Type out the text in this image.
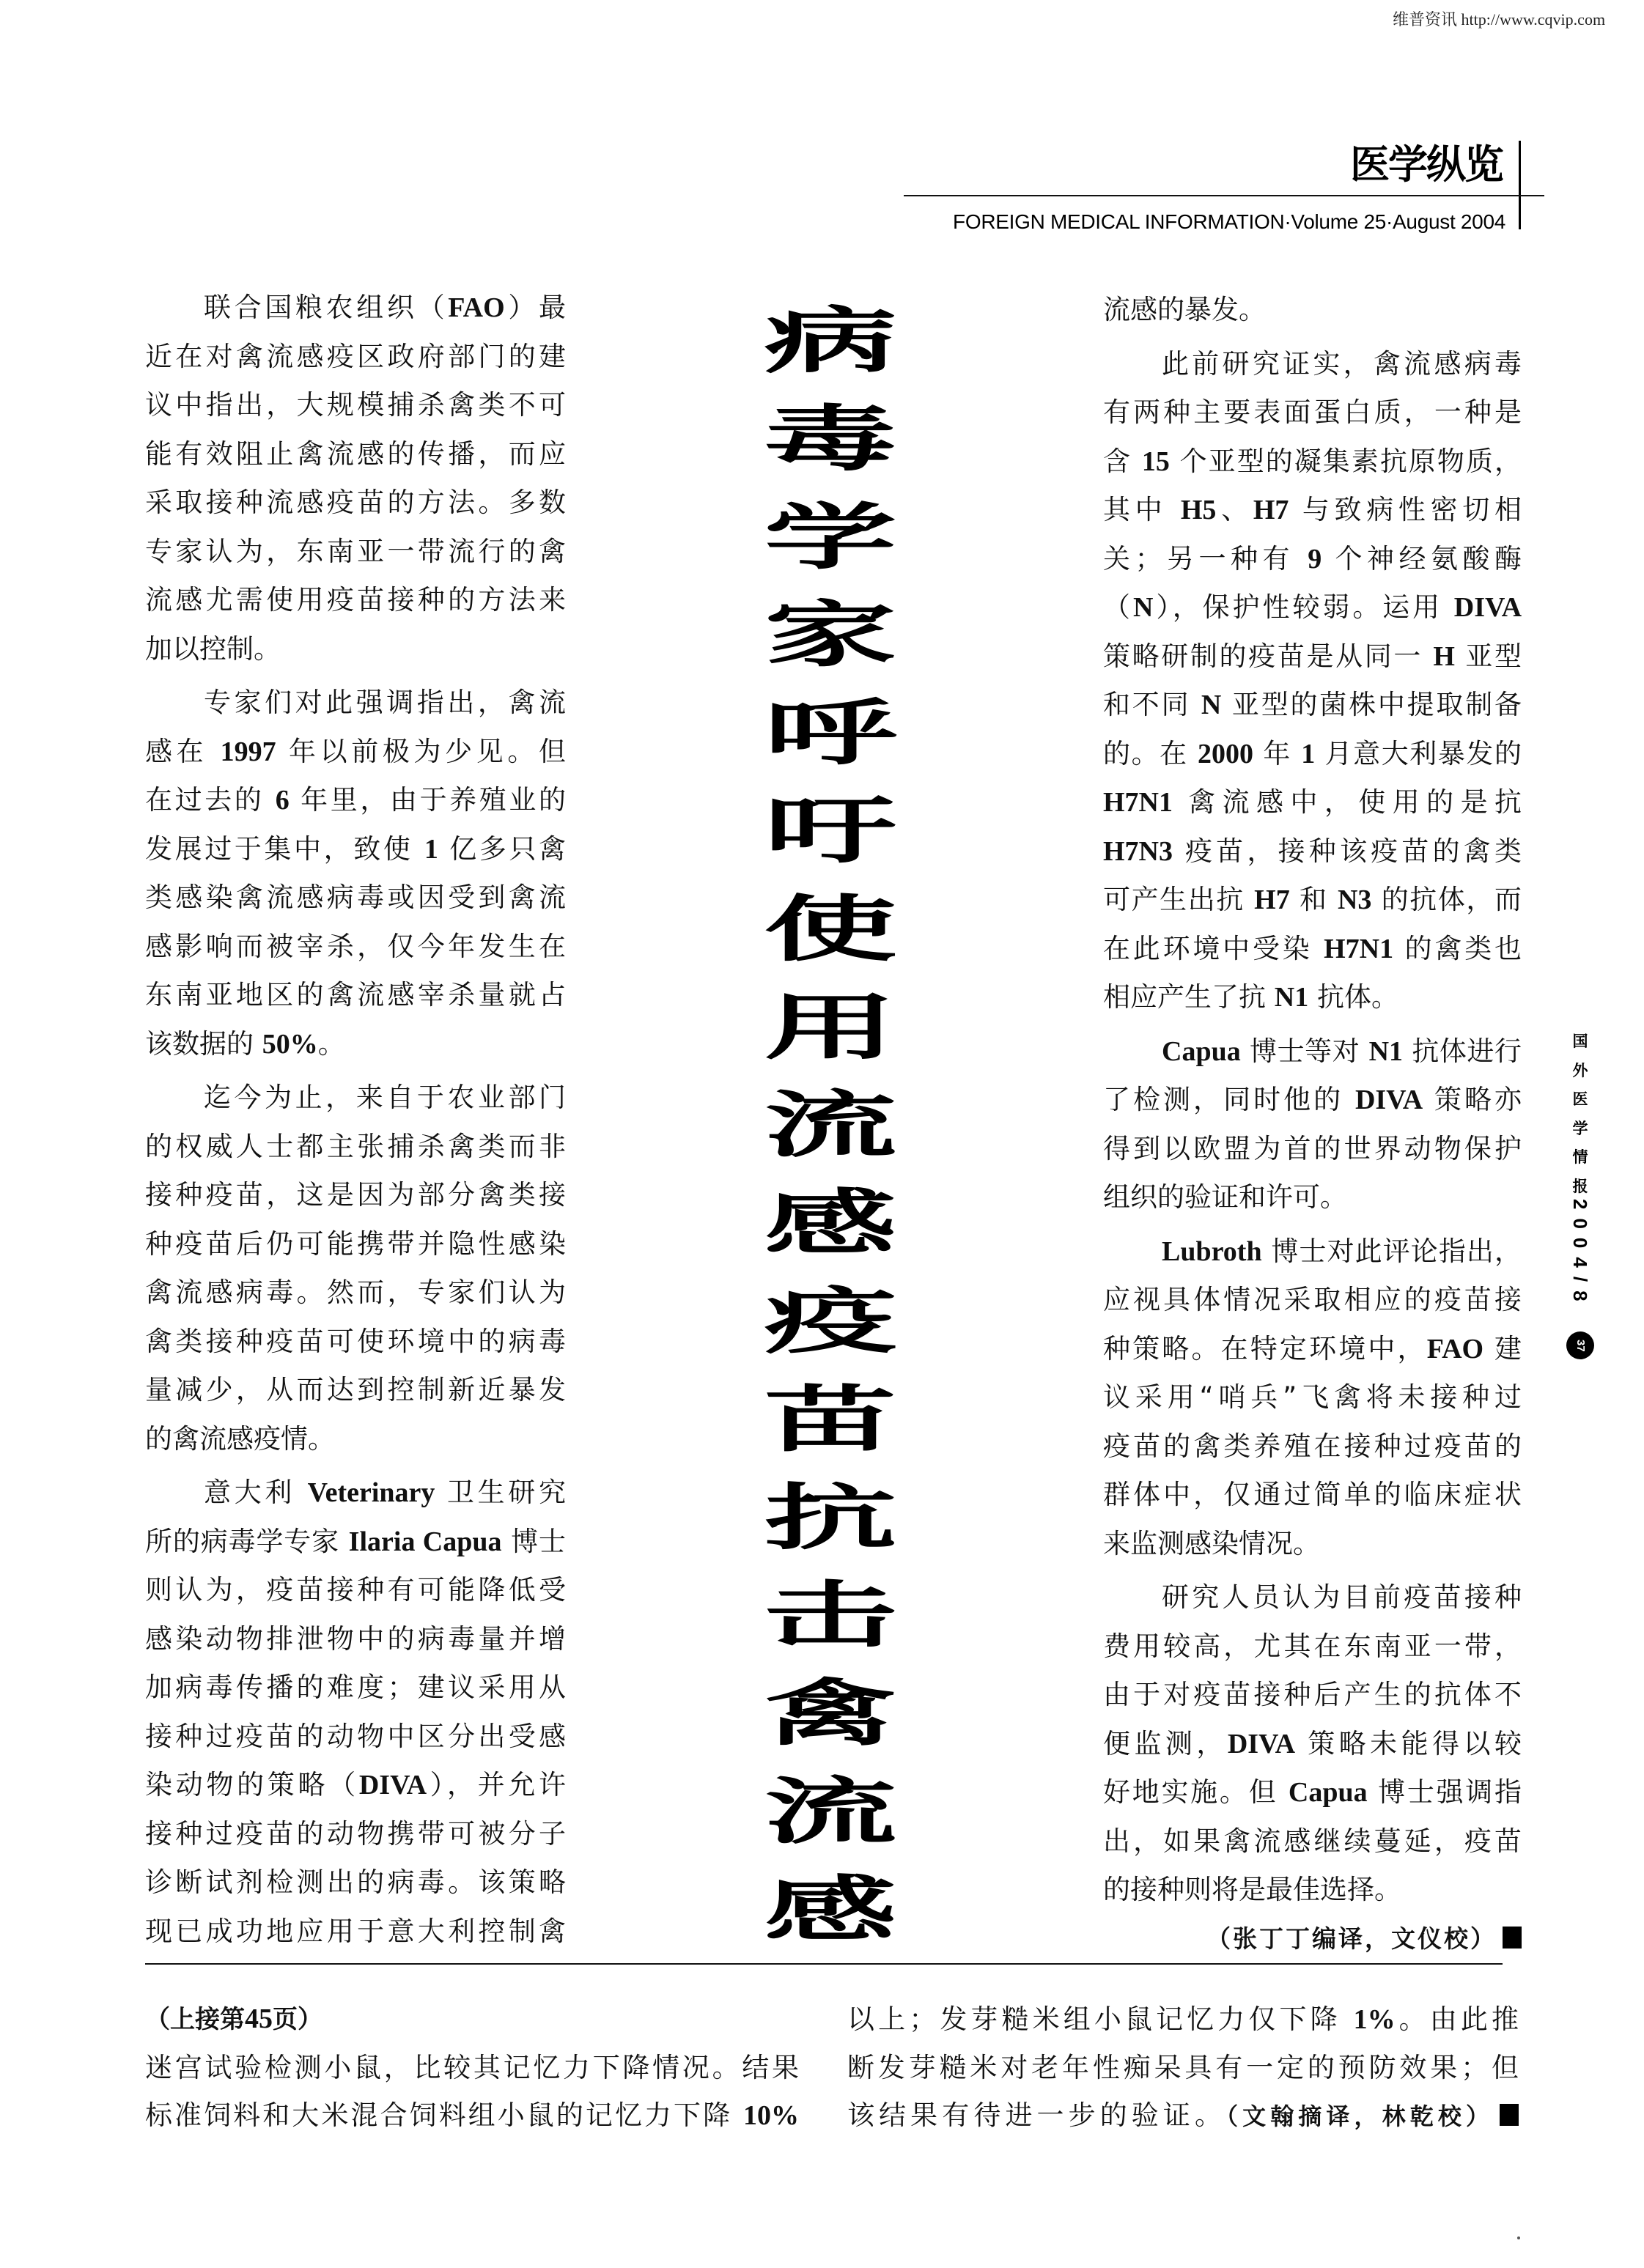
维普资讯 http://www.cqvip.com
医学纵览
FOREIGN MEDICAL INFORMATION·Volume 25·August 2004
联合国粮农组织（FAO）最
近在对禽流感疫区政府部门的建
议中指出，大规模捕杀禽类不可
能有效阻止禽流感的传播，而应
采取接种流感疫苗的方法。多数
专家认为，东南亚一带流行的禽
流感尤需使用疫苗接种的方法来
加以控制。
专家们对此强调指出，禽流
感在 1997 年以前极为少见。但
在过去的 6 年里，由于养殖业的
发展过于集中，致使 1 亿多只禽
类感染禽流感病毒或因受到禽流
感影响而被宰杀，仅今年发生在
东南亚地区的禽流感宰杀量就占
该数据的 50%。
迄今为止，来自于农业部门
的权威人士都主张捕杀禽类而非
接种疫苗，这是因为部分禽类接
种疫苗后仍可能携带并隐性感染
禽流感病毒。然而，专家们认为
禽类接种疫苗可使环境中的病毒
量减少，从而达到控制新近暴发
的禽流感疫情。
意大利 Veterinary 卫生研究
所的病毒学专家 Ilaria Capua 博士
则认为，疫苗接种有可能降低受
感染动物排泄物中的病毒量并增
加病毒传播的难度；建议采用从
接种过疫苗的动物中区分出受感
染动物的策略（DIVA），并允许
接种过疫苗的动物携带可被分子
诊断试剂检测出的病毒。该策略
现已成功地应用于意大利控制禽
病
毒
学
家
呼
吁
使
用
流
感
疫
苗
抗
击
禽
流
感
流感的暴发。
此前研究证实，禽流感病毒
有两种主要表面蛋白质，一种是
含 15 个亚型的凝集素抗原物质，
其中 H5、H7 与致病性密切相
关；另一种有 9 个神经氨酸酶
（N），保护性较弱。运用 DIVA
策略研制的疫苗是从同一 H 亚型
和不同 N 亚型的菌株中提取制备
的。在 2000 年 1 月意大利暴发的
H7N1 禽流感中，使用的是抗
H7N3 疫苗，接种该疫苗的禽类
可产生出抗 H7 和 N3 的抗体，而
在此环境中受染 H7N1 的禽类也
相应产生了抗 N1 抗体。
Capua 博士等对 N1 抗体进行
了检测，同时他的 DIVA 策略亦
得到以欧盟为首的世界动物保护
组织的验证和许可。
Lubroth 博士对此评论指出，
应视具体情况采取相应的疫苗接
种策略。在特定环境中，FAO 建
议采用“哨兵”飞禽将未接种过
疫苗的禽类养殖在接种过疫苗的
群体中，仅通过简单的临床症状
来监测感染情况。
研究人员认为目前疫苗接种
费用较高，尤其在东南亚一带，
由于对疫苗接种后产生的抗体不
便监测，DIVA 策略未能得以较
好地实施。但 Capua 博士强调指
出，如果禽流感继续蔓延，疫苗
的接种则将是最佳选择。
（张丁丁编译，文仪校）
国
外
医
学
情
报
2004/8
37
（上接第45页）
迷宫试验检测小鼠，比较其记忆力下降情况。结果
标准饲料和大米混合饲料组小鼠的记忆力下降 10%
以上；发芽糙米组小鼠记忆力仅下降 1%。由此推
断发芽糙米对老年性痴呆具有一定的预防效果；但
该结果有待进一步的验证。（文翰摘译，林乾校）
